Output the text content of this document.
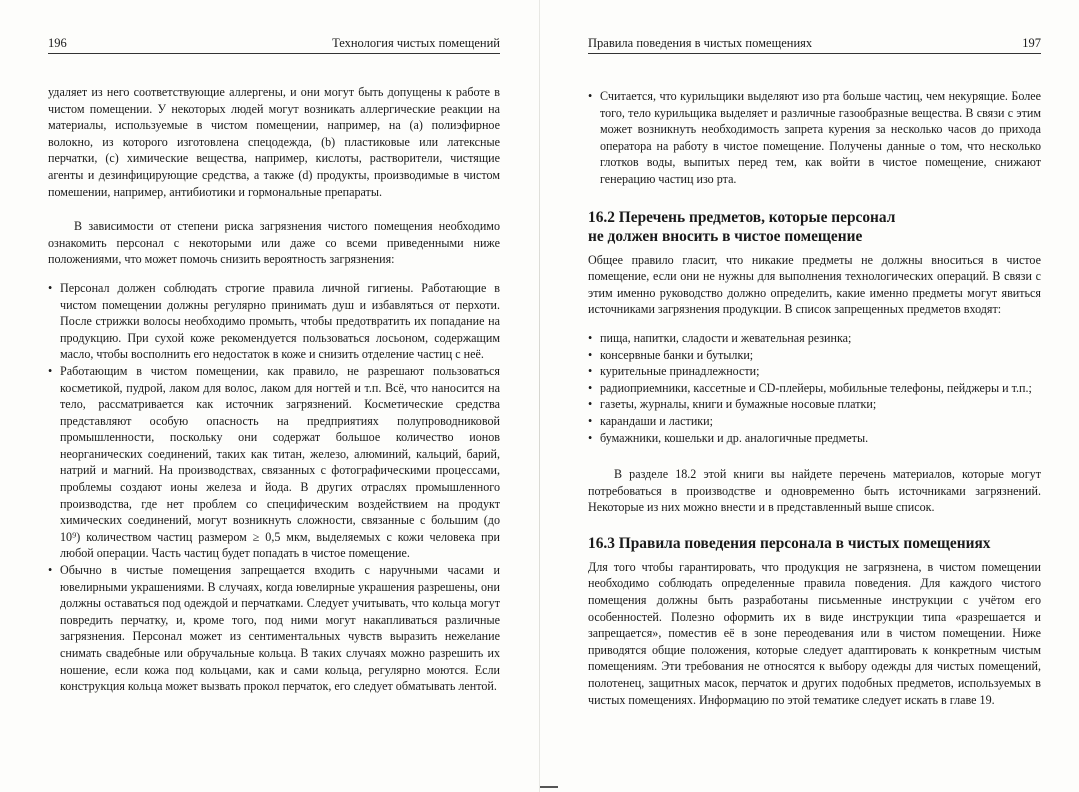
196	Технология чистых помещений

удаляет из него соответствующие аллергены, и они могут быть допущены к работе в чистом помещении. У некоторых людей могут возникать аллергические реакции на материалы, используемые в чистом помещении, например, на (а) полиэфирное волокно, из которого изготовлена спецодежда, (b) пластиковые или латексные перчатки, (с) химические вещества, например, кислоты, растворители, чистящие агенты и дезинфицирующие средства, а также (d) продукты, производимые в чистом помешении, например, антибиотики и гормональные препараты.

В зависимости от степени риска загрязнения чистого помещения необходимо ознакомить персонал с некоторыми или даже со всеми приведенными ниже положениями, что может помочь снизить вероятность загрязнения:

• Персонал должен соблюдать строгие правила личной гигиены. Работающие в чистом помещении должны регулярно принимать душ и избавляться от перхоти. После стрижки волосы необходимо промыть, чтобы предотвратить их попадание на продукцию. При сухой коже рекомендуется пользоваться лосьоном, содержащим масло, чтобы восполнить его недостаток в коже и снизить отделение частиц с неё.
• Работающим в чистом помещении, как правило, не разрешают пользоваться косметикой, пудрой, лаком для волос, лаком для ногтей и т.п. Всё, что наносится на тело, рассматривается как источник загрязнений. Косметические средства представляют особую опасность на предприятиях полупроводниковой промышленности, поскольку они содержат большое количество ионов неорганических соединений, таких как титан, железо, алюминий, кальций, барий, натрий и магний. На производствах, связанных с фотографическими процессами, проблемы создают ионы железа и йода. В других отраслях промышленного производства, где нет проблем со специфическим воздействием на продукт химических соединений, могут возникнуть сложности, связанные с большим (до 10⁹) количеством частиц размером ≥ 0,5 мкм, выделяемых с кожи человека при любой операции. Часть частиц будет попадать в чистое помещение.
• Обычно в чистые помещения запрещается входить с наручными часами и ювелирными украшениями. В случаях, когда ювелирные украшения разрешены, они должны оставаться под одеждой и перчатками. Следует учитывать, что кольца могут повредить перчатку, и, кроме того, под ними могут накапливаться различные загрязнения. Персонал может из сентиментальных чувств выразить нежелание снимать свадебные или обручальные кольца. В таких случаях можно разрешить их ношение, если кожа под кольцами, как и сами кольца, регулярно моются. Если конструкция кольца может вызвать прокол перчаток, его следует обматывать лентой.
Правила поведения в чистых помещениях	197
• Считается, что курильщики выделяют изо рта больше частиц, чем некурящие. Более того, тело курильщика выделяет и различные газообразные вещества. В связи с этим может возникнуть необходимость запрета курения за несколько часов до прихода оператора на работу в чистое помещение. Получены данные о том, что несколько глотков воды, выпитых перед тем, как войти в чистое помещение, снижают генерацию частиц изо рта.
16.2 Перечень предметов, которые персонал
не должен вносить в чистое помещение

Общее правило гласит, что никакие предметы не должны вноситься в чистое помещение, если они не нужны для выполнения технологических операций. В связи с этим именно руководство должно определить, какие именно предметы могут явиться источниками загрязнения продукции. В список запрещенных предметов входят:

• пища, напитки, сладости и жевательная резинка;
• консервные банки и бутылки;
• курительные принадлежности;
• радиоприемники, кассетные и CD-плейеры, мобильные телефоны, пейджеры и т.п.;
• газеты, журналы, книги и бумажные носовые платки;
• карандаши и ластики;
• бумажники, кошельки и др. аналогичные предметы.

В разделе 18.2 этой книги вы найдете перечень материалов, которые могут потребоваться в производстве и одновременно быть источниками загрязнений. Некоторые из них можно внести и в представленный выше список.

16.3 Правила поведения персонала в чистых помещениях

Для того чтобы гарантировать, что продукция не загрязнена, в чистом помещении необходимо соблюдать определенные правила поведения. Для каждого чистого помещения должны быть разработаны письменные инструкции с учётом его особенностей. Полезно оформить их в виде инструкции типа «разрешается и запрещается», поместив её в зоне переодевания или в чистом помещении. Ниже приводятся общие положения, которые следует адаптировать к конкретным чистым помещениям. Эти требования не относятся к выбору одежды для чистых помещений, полотенец, защитных масок, перчаток и других подобных предметов, используемых в чистых помещениях. Информацию по этой тематике следует искать в главе 19.
